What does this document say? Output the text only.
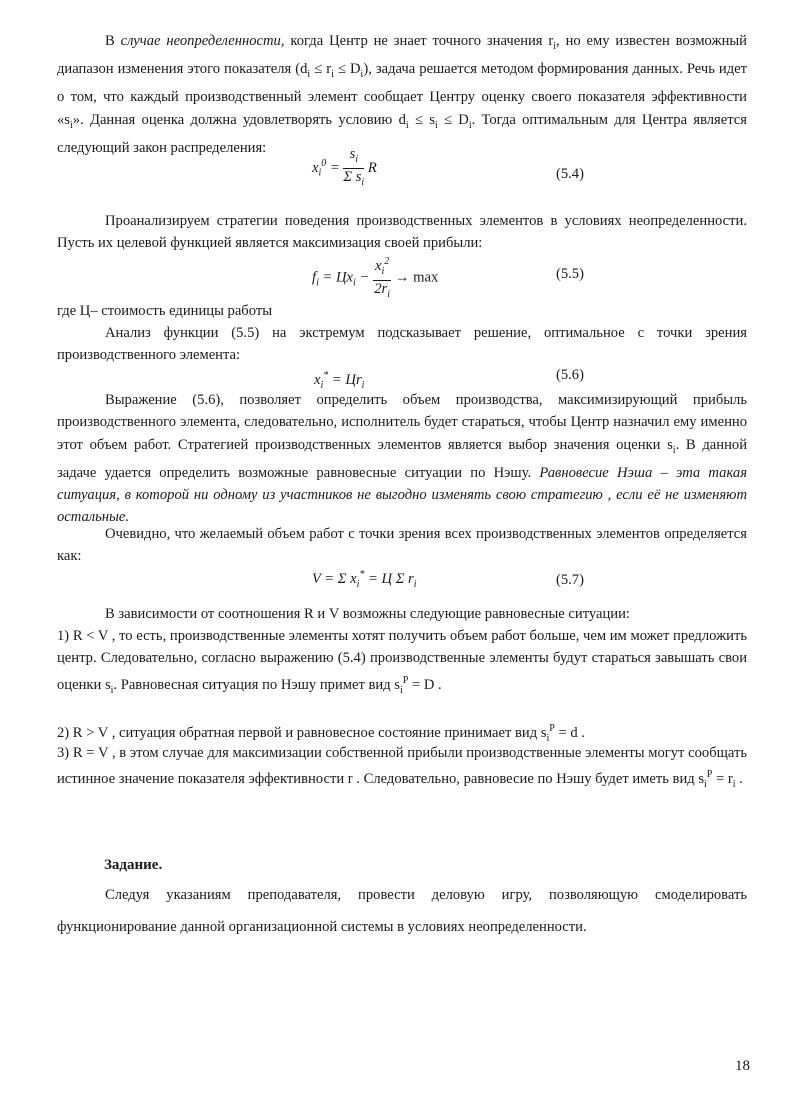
В случае неопределенности, когда Центр не знает точного значения $r_i$, но ему известен возможный диапазон изменения этого показателя $(d_i \le r_i \le D_i)$, задача решается методом формирования данных. Речь идет о том, что каждый производственный элемент сообщает Центру оценку своего показателя эффективности «$s_i$». Данная оценка должна удовлетворять условию $d_i \le s_i \le D_i$. Тогда оптимальным для Центра является следующий закон распределения:

$x_i^0 = \frac{s_i}{\Sigma s_i}$ R	(5.4)

Проанализируем стратегии поведения производственных элементов в условиях неопределенности. Пусть их целевой функцией является максимизация своей прибыли:

$f_i = Цx_i - \frac{x_i^2}{2r_i} \to \max$	(5.5)

где Ц– стоимость единицы работы

Анализ функции (5.5) на экстремум подсказывает решение, оптимальное с точки зрения производственного элемента:

$x_i^* = Цr_i$
(5.6)

Выражение (5.6), позволяет определить объем производства, максимизирующий прибыль производственного элемента, следовательно, исполнитель будет стараться, чтобы Центр назначил ему именно этот объем работ. Стратегией производственных элементов является выбор значения оценки $s_i$. В данной задаче удается определить возможные равновесные ситуации по Нэшу. Равновесие Нэша – эта такая ситуация, в которой ни одному из участников не выгодно изменять свою стратегию , если её не изменяют остальные.

Очевидно, что желаемый объем работ с точки зрения всех производственных элементов определяется как:

V = Σ $x_i^* = Ц$ Σ $r_i$	(5.7)

В зависимости от соотношения R и V возможны следующие равновесные ситуации:

1) R < V , то есть, производственные элементы хотят получить объем работ больше, чем им может предложить центр. Следовательно, согласно выражению (5.4) производственные элементы будут стараться завышать свои оценки $s_i$. Равновесная ситуация по Нэшу примет вид $s_i^P = D$ .

2) R > V , ситуация обратная первой и равновесное состояние принимает вид $s_i^P = d$ .

3) R = V , в этом случае для максимизации собственной прибыли производственные элементы могут сообщать истинное значение показателя эффективности r . Следовательно, равновесие по Нэшу будет иметь вид $s_i^P = r_i$ .

Задание.

Следуя указаниям преподавателя, провести деловую игру, позволяющую смоделировать функционирование данной организационной системы в условиях неопределенности.

18
